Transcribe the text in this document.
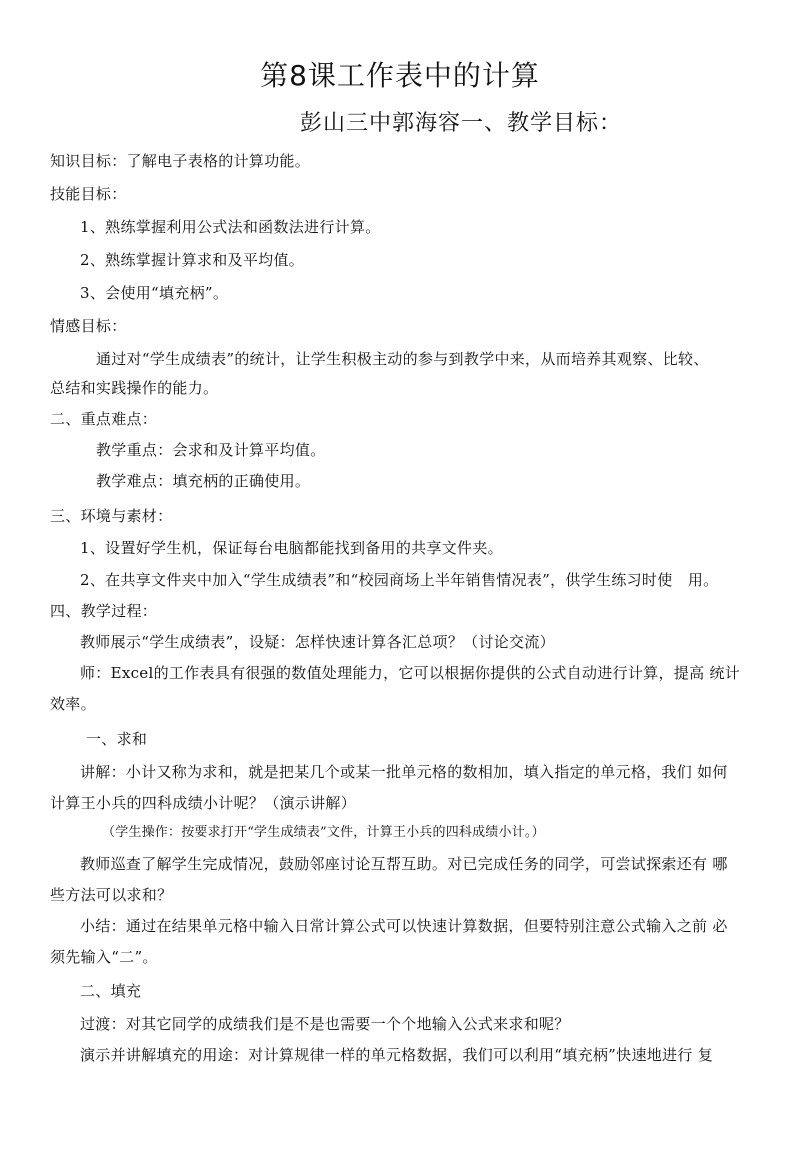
第8课工作表中的计算
彭山三中郭海容一、教学目标：
知识目标：了解电子表格的计算功能。
技能目标：
1、熟练掌握利用公式法和函数法进行计算。
2、熟练掌握计算求和及平均值。
3、会使用“填充柄”。
情感目标：
通过对“学生成绩表”的统计，让学生积极主动的参与到教学中来，从而培养其观察、比较、
总结和实践操作的能力。
二、重点难点：
教学重点：会求和及计算平均值。
教学难点：填充柄的正确使用。
三、环境与素材：
1、设置好学生机，保证每台电脑都能找到备用的共享文件夹。
2、在共享文件夹中加入“学生成绩表”和“校园商场上半年销售情况表”，供学生练习时使　用。
四、教学过程：
教师展示“学生成绩表”，设疑：怎样快速计算各汇总项？（讨论交流）
师：Excel的工作表具有很强的数值处理能力，它可以根据你提供的公式自动进行计算，提高 统计
效率。
一、求和
讲解：小计又称为求和，就是把某几个或某一批单元格的数相加，填入指定的单元格，我们 如何
计算王小兵的四科成绩小计呢？（演示讲解）
（学生操作：按要求打开“学生成绩表”文件，计算王小兵的四科成绩小计。）
教师巡查了解学生完成情况，鼓励邻座讨论互帮互助。对已完成任务的同学，可尝试探索还有 哪
些方法可以求和？
小结：通过在结果单元格中输入日常计算公式可以快速计算数据，但要特别注意公式输入之前 必
须先输入“二”。
二、填充
过渡：对其它同学的成绩我们是不是也需要一个个地输入公式来求和呢？
演示并讲解填充的用途：对计算规律一样的单元格数据，我们可以利用“填充柄”快速地进行 复
